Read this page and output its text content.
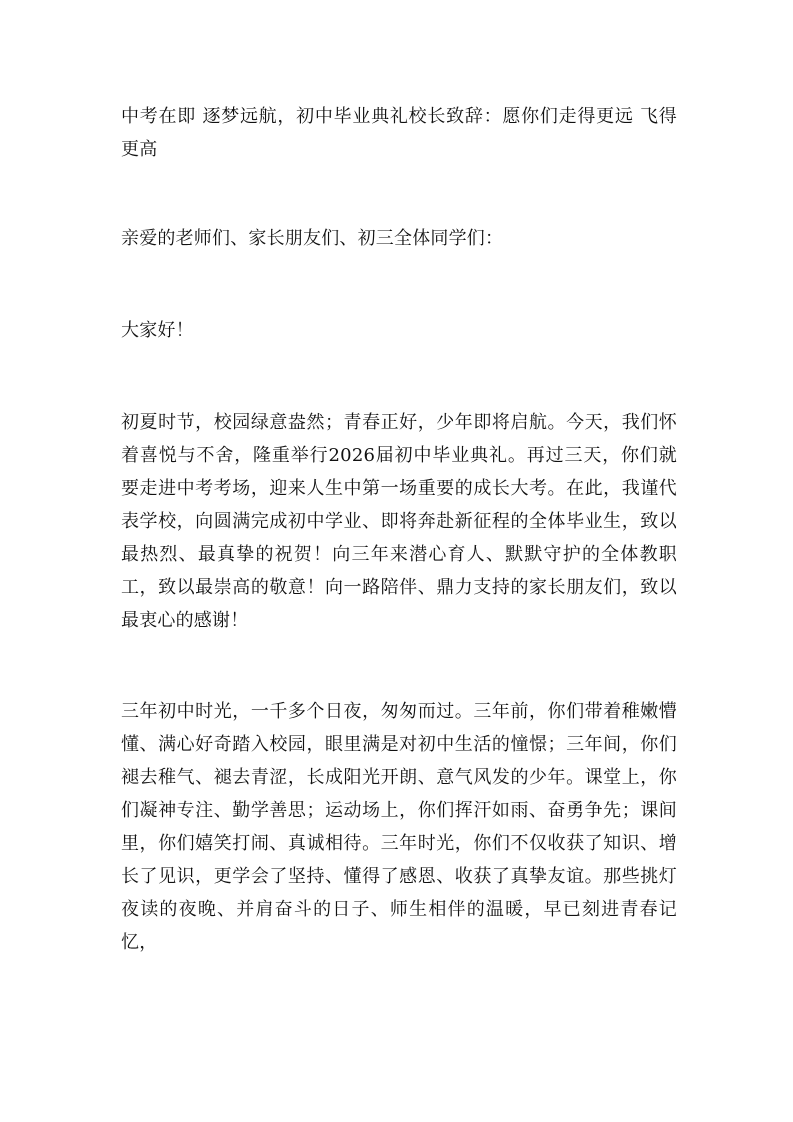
中考在即 逐梦远航，初中毕业典礼校长致辞：愿你们走得更远 飞得更高

亲爱的老师们、家长朋友们、初三全体同学们：

大家好！

初夏时节，校园绿意盎然；青春正好，少年即将启航。今天，我们怀着喜悦与不舍，隆重举行2026届初中毕业典礼。再过三天，你们就要走进中考考场，迎来人生中第一场重要的成长大考。在此，我谨代表学校，向圆满完成初中学业、即将奔赴新征程的全体毕业生，致以最热烈、最真挚的祝贺！向三年来潜心育人、默默守护的全体教职工，致以最崇高的敬意！向一路陪伴、鼎力支持的家长朋友们，致以最衷心的感谢！

三年初中时光，一千多个日夜，匆匆而过。三年前，你们带着稚嫩懵懂、满心好奇踏入校园，眼里满是对初中生活的憧憬；三年间，你们褪去稚气、褪去青涩，长成阳光开朗、意气风发的少年。课堂上，你们凝神专注、勤学善思；运动场上，你们挥汗如雨、奋勇争先；课间里，你们嬉笑打闹、真诚相待。三年时光，你们不仅收获了知识、增长了见识，更学会了坚持、懂得了感恩、收获了真挚友谊。那些挑灯夜读的夜晚、并肩奋斗的日子、师生相伴的温暖，早已刻进青春记忆，
